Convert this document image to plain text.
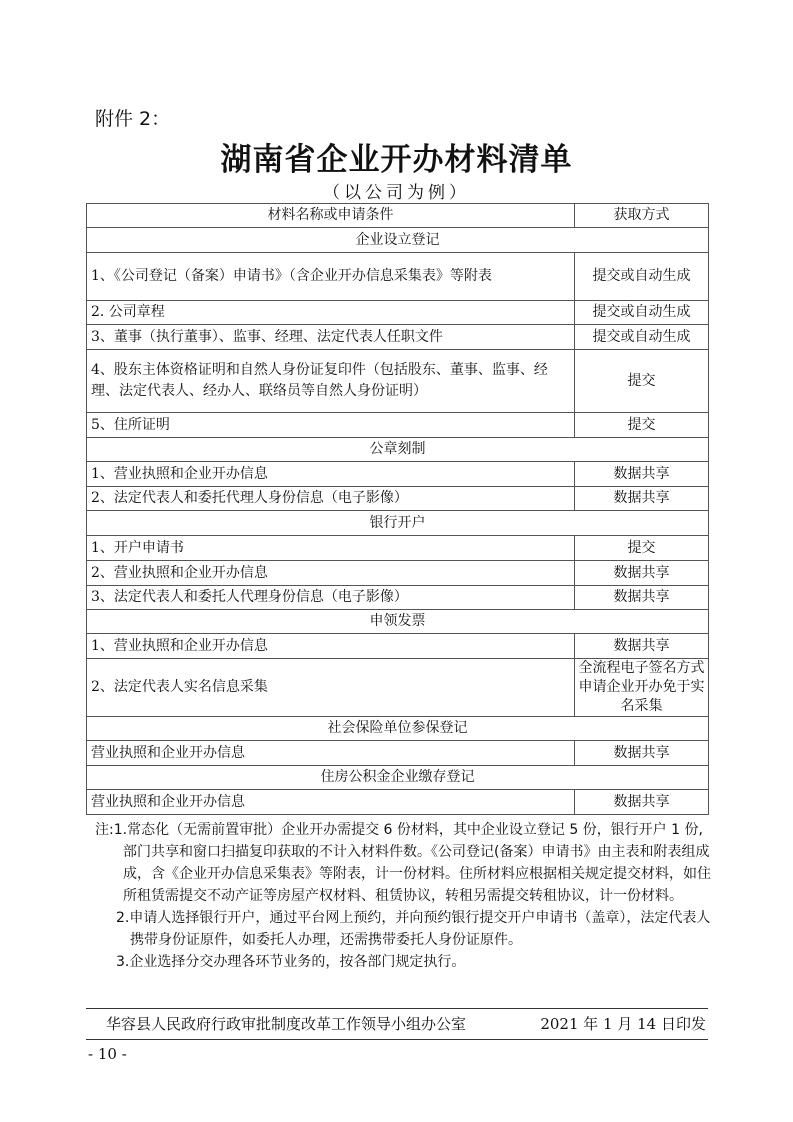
附件 2：
湖南省企业开办材料清单
（以公司为例）
材料名称或申请条件	获取方式
企业设立登记	
1、《公司登记（备案）申请书》（含企业开办信息采集表》等附表	提交或自动生成
2. 公司章程	提交或自动生成
3、董事（执行董事）、监事、经理、法定代表人任职文件	提交或自动生成
4、股东主体资格证明和自然人身份证复印件（包括股东、董事、监事、经理、法定代表人、经办人、联络员等自然人身份证明）	提交
5、住所证明	提交
公章刻制	
1、营业执照和企业开办信息	数据共享
2、法定代表人和委托代理人身份信息（电子影像）	数据共享
银行开户	
1、开户申请书	提交
2、营业执照和企业开办信息	数据共享
3、法定代表人和委托人代理身份信息（电子影像）	数据共享
申领发票	
1、营业执照和企业开办信息	数据共享
2、法定代表人实名信息采集	全流程电子签名方式申请企业开办免于实名采集
社会保险单位参保登记	
营业执照和企业开办信息	数据共享
住房公积金企业缴存登记	
营业执照和企业开办信息	数据共享
注:1.常态化（无需前置审批）企业开办需提交 6 份材料，其中企业设立登记 5 份，银行开户 1 份,部门共享和窗口扫描复印获取的不计入材料件数。《公司登记(备案）申请书》由主表和附表组成成，含《企业开办信息采集表》等附表，计一份材料。住所材料应根据相关规定提交材料，如住所租赁需提交不动产证等房屋产权材料、租赁协议，转租另需提交转租协议，计一份材料。
2.申请人选择银行开户，通过平台网上预约，并向预约银行提交开户申请书（盖章），法定代表人携带身份证原件，如委托人办理，还需携带委托人身份证原件。
3.企业选择分交办理各环节业务的，按各部门规定执行。
华容县人民政府行政审批制度改革工作领导小组办公室	2021 年 1 月 14 日印发
- 10 -
